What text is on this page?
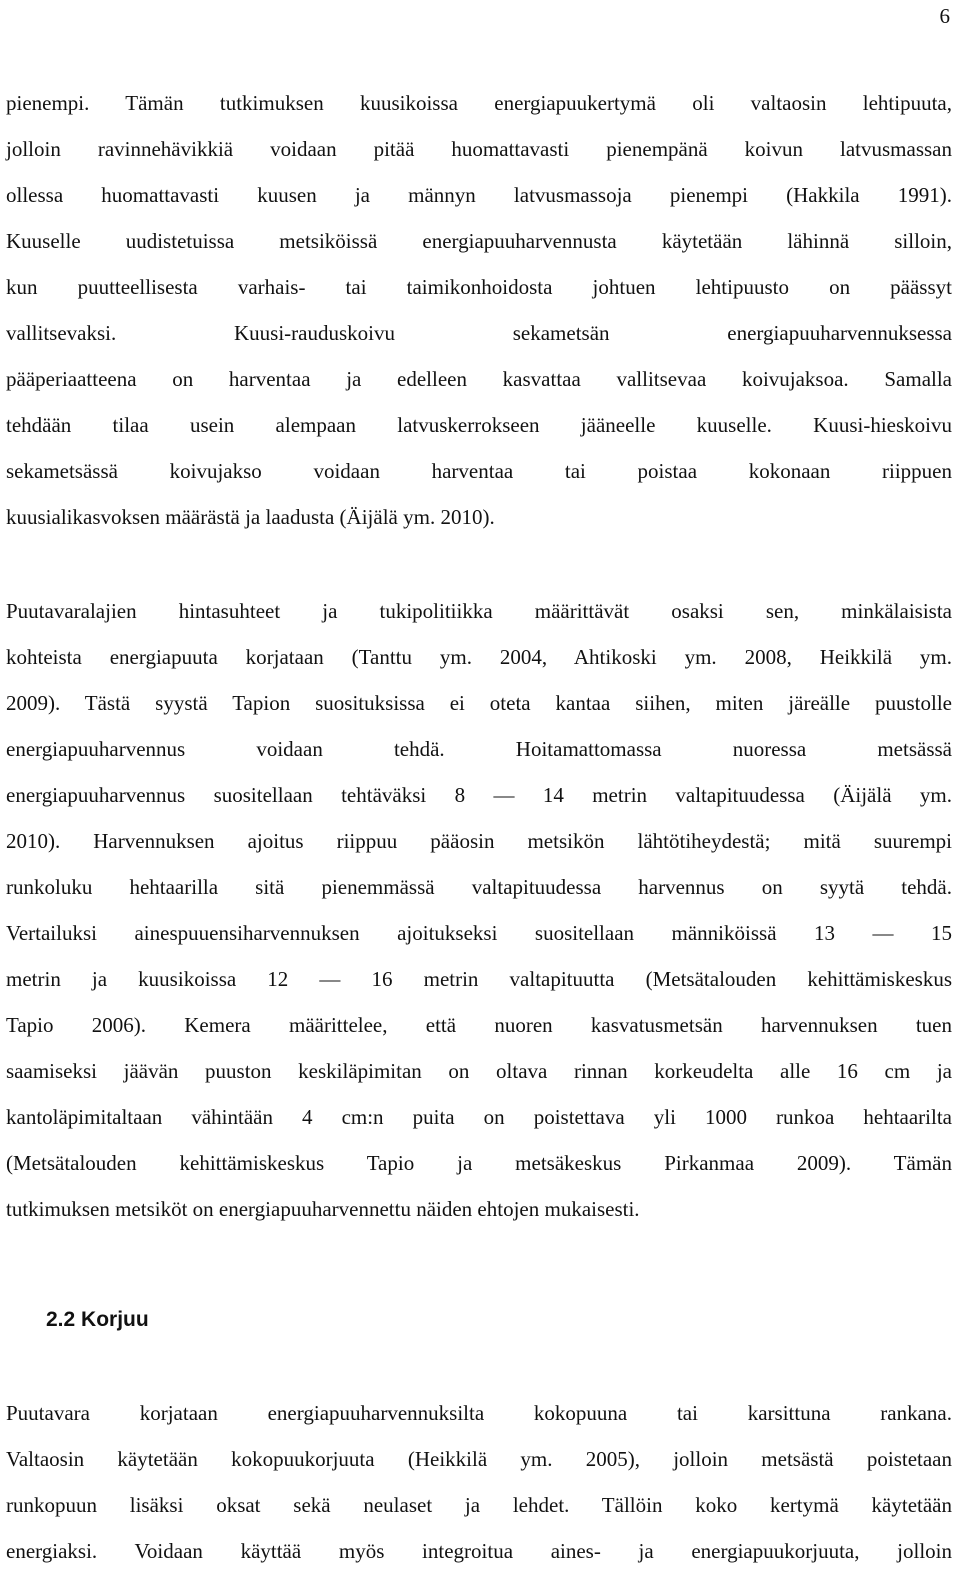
6
pienempi. Tämän tutkimuksen kuusikoissa energiapuukertymä oli valtaosin lehtipuuta,
jolloin ravinnehävikkiä voidaan pitää huomattavasti pienempänä koivun latvusmassan
ollessa huomattavasti kuusen ja männyn latvusmassoja pienempi (Hakkila 1991).
Kuuselle uudistetuissa metsiköissä energiapuuharvennusta käytetään lähinnä silloin,
kun puutteellisesta varhais- tai taimikonhoidosta johtuen lehtipuusto on päässyt
vallitsevaksi. Kuusi-rauduskoivu sekametsän energiapuuharvennuksessa
pääperiaatteena on harventaa ja edelleen kasvattaa vallitsevaa koivujaksoa. Samalla
tehdään tilaa usein alempaan latvuskerrokseen jääneelle kuuselle. Kuusi-hieskoivu
sekametsässä koivujakso voidaan harventaa tai poistaa kokonaan riippuen
kuusialikasvoksen määrästä ja laadusta (Äijälä ym. 2010).
Puutavaralajien hintasuhteet ja tukipolitiikka määrittävät osaksi sen, minkälaisista
kohteista energiapuuta korjataan (Tanttu ym. 2004, Ahtikoski ym. 2008, Heikkilä ym.
2009). Tästä syystä Tapion suosituksissa ei oteta kantaa siihen, miten järeälle puustolle
energiapuuharvennus voidaan tehdä. Hoitamattomassa nuoressa metsässä
energiapuuharvennus suositellaan tehtäväksi 8 — 14 metrin valtapituudessa (Äijälä ym.
2010). Harvennuksen ajoitus riippuu pääosin metsikön lähtötiheydestä; mitä suurempi
runkoluku hehtaarilla sitä pienemmässä valtapituudessa harvennus on syytä tehdä.
Vertailuksi ainespuuensiharvennuksen ajoitukseksi suositellaan männiköissä 13 — 15
metrin ja kuusikoissa 12 — 16 metrin valtapituutta (Metsätalouden kehittämiskeskus
Tapio 2006). Kemera määrittelee, että nuoren kasvatusmetsän harvennuksen tuen
saamiseksi jäävän puuston keskiläpimitan on oltava rinnan korkeudelta alle 16 cm ja
kantoläpimitaltaan vähintään 4 cm:n puita on poistettava yli 1000 runkoa hehtaarilta
(Metsätalouden kehittämiskeskus Tapio ja metsäkeskus Pirkanmaa 2009). Tämän
tutkimuksen metsiköt on energiapuuharvennettu näiden ehtojen mukaisesti.
2.2 Korjuu
Puutavara korjataan energiapuuharvennuksilta kokopuuna tai karsittuna rankana.
Valtaosin käytetään kokopuukorjuuta (Heikkilä ym. 2005), jolloin metsästä poistetaan
runkopuun lisäksi oksat sekä neulaset ja lehdet. Tällöin koko kertymä käytetään
energiaksi. Voidaan käyttää myös integroitua aines- ja energiapuukorjuuta, jolloin
